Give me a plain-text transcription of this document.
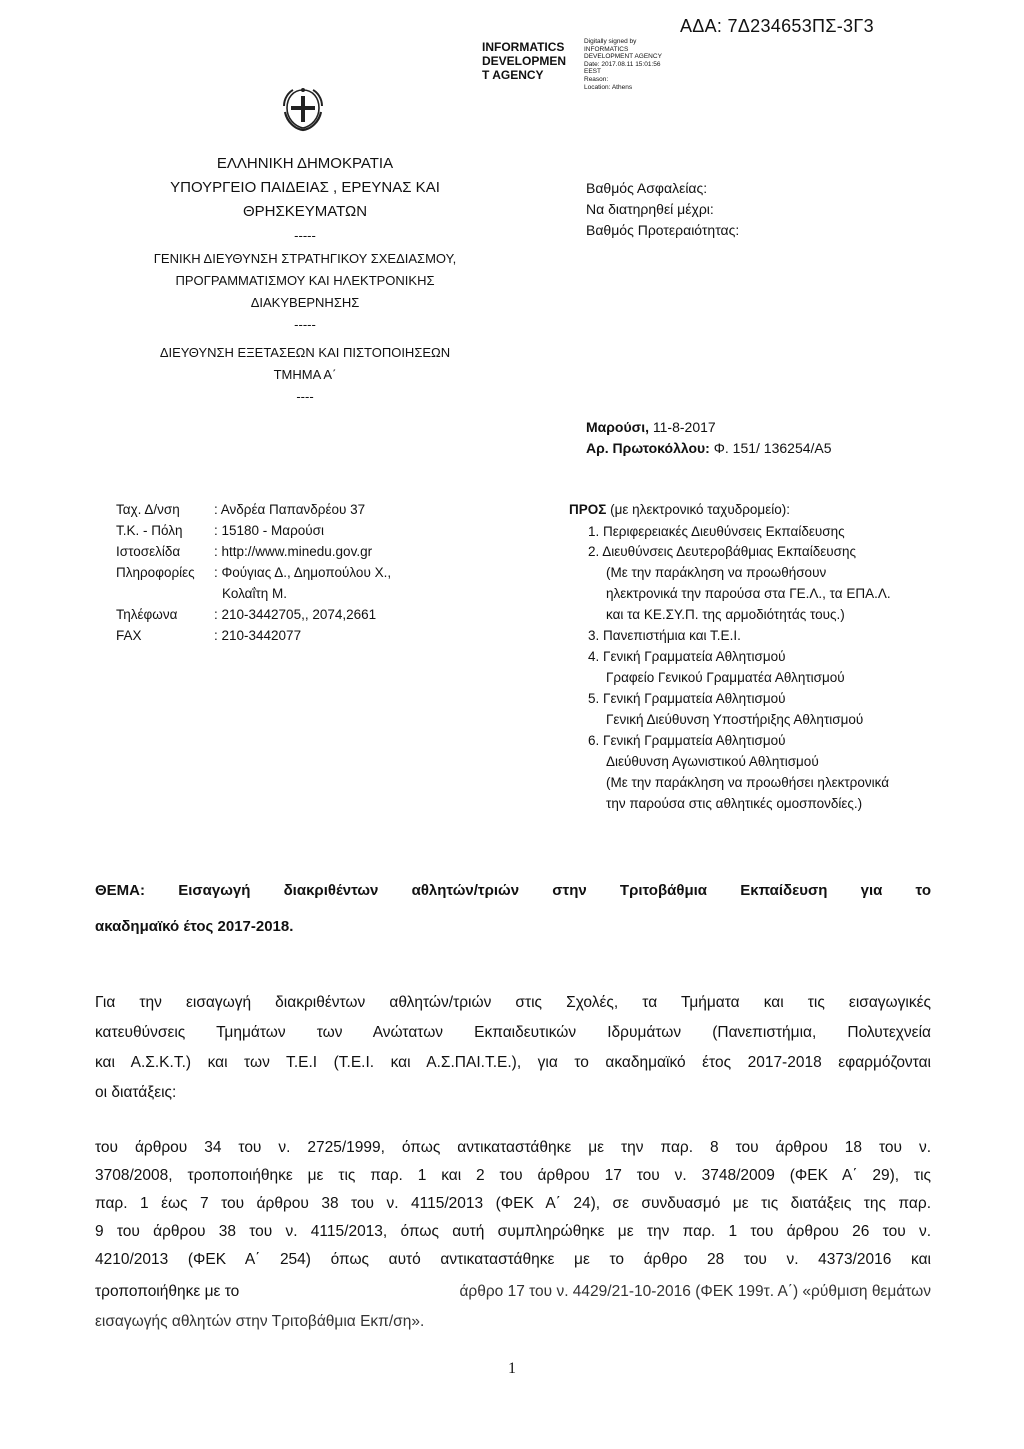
ΑΔΑ: 7Δ234653ΠΣ-3Γ3
INFORMATICS
DEVELOPMEN
T AGENCY
Digitally signed by
INFORMATICS
DEVELOPMENT AGENCY
Date: 2017.08.11 15:01:56
EEST
Reason:
Location: Athens
ΕΛΛΗΝΙΚΗ ΔΗΜΟΚΡΑΤΙΑ
ΥΠΟΥΡΓΕΙΟ ΠΑΙΔΕΙΑΣ , ΕΡΕΥΝΑΣ ΚΑΙ
ΘΡΗΣΚΕΥΜΑΤΩΝ
-----
ΓΕΝΙΚΗ ΔΙΕΥΘΥΝΣΗ ΣΤΡΑΤΗΓΙΚΟΥ ΣΧΕΔΙΑΣΜΟΥ,
ΠΡΟΓΡΑΜΜΑΤΙΣΜΟΥ ΚΑΙ ΗΛΕΚΤΡΟΝΙΚΗΣ
ΔΙΑΚΥΒΕΡΝΗΣΗΣ
-----
ΔΙΕΥΘΥΝΣΗ ΕΞΕΤΑΣΕΩΝ ΚΑΙ ΠΙΣΤΟΠΟΙΗΣΕΩΝ
ΤΜΗΜΑ Α΄
----
Βαθμός Ασφαλείας:
Να διατηρηθεί μέχρι:
Βαθμός Προτεραιότητας:
Μαρούσι, 11-8-2017
Αρ. Πρωτοκόλλου: Φ. 151/ 136254/Α5
Ταχ. Δ/νση	: Ανδρέα Παπανδρέου 37
Τ.Κ. - Πόλη : 15180 - Μαρούσι
Ιστοσελίδα	: http://www.minedu.gov.gr
Πληροφορίες : Φούγιας Δ., Δημοπούλου Χ.,
Κολαΐτη Μ.
Τηλέφωνα	: 210-3442705,, 2074,2661
FAX	: 210-3442077
ΠΡΟΣ (με ηλεκτρονικό ταχυδρομείο):
1. Περιφερειακές Διευθύνσεις Εκπαίδευσης
2. Διευθύνσεις Δευτεροβάθμιας Εκπαίδευσης
(Με την παράκληση να προωθήσουν
ηλεκτρονικά την παρούσα στα ΓΕ.Λ., τα ΕΠΑ.Λ.
και τα ΚΕ.ΣΥ.Π. της αρμοδιότητάς τους.)
3. Πανεπιστήμια και Τ.Ε.Ι.
4. Γενική Γραμματεία Αθλητισμού
Γραφείο Γενικού Γραμματέα Αθλητισμού
5. Γενική Γραμματεία Αθλητισμού
Γενική Διεύθυνση Υποστήριξης Αθλητισμού
6. Γενική Γραμματεία Αθλητισμού
Διεύθυνση Αγωνιστικού Αθλητισμού
(Με την παράκληση να προωθήσει ηλεκτρονικά
την παρούσα στις αθλητικές ομοσπονδίες.)
ΘΕΜΑ: Εισαγωγή διακριθέντων αθλητών/τριών στην Τριτοβάθμια Εκπαίδευση για το
ακαδημαϊκό έτος 2017-2018.
Για την εισαγωγή διακριθέντων αθλητών/τριών στις Σχολές, τα Τμήματα και τις εισαγωγικές
κατευθύνσεις Τμημάτων των Ανώτατων Εκπαιδευτικών Ιδρυμάτων (Πανεπιστήμια, Πολυτεχνεία
και Α.Σ.Κ.Τ.) και των Τ.Ε.Ι (Τ.Ε.Ι. και Α.Σ.ΠΑΙ.Τ.Ε.), για το ακαδημαϊκό έτος 2017-2018 εφαρμόζονται
οι διατάξεις:
του άρθρου 34 του ν. 2725/1999, όπως αντικαταστάθηκε με την παρ. 8 του άρθρου 18 του ν.
3708/2008, τροποποιήθηκε με τις παρ. 1 και 2 του άρθρου 17 του ν. 3748/2009 (ΦΕΚ Α΄ 29), τις
παρ. 1 έως 7 του άρθρου 38 του ν. 4115/2013 (ΦΕΚ Α΄ 24), σε συνδυασμό με τις διατάξεις της παρ.
9 του άρθρου 38 του ν. 4115/2013, όπως αυτή συμπληρώθηκε με την παρ. 1 του άρθρου 26 του ν.
4210/2013 (ΦΕΚ Α΄ 254) όπως αυτό αντικαταστάθηκε με το άρθρο 28 του ν. 4373/2016 και
τροποποιήθηκε με το	άρθρο 17 του ν. 4429/21-10-2016 (ΦΕΚ 199τ. Α΄) «ρύθμιση θεμάτων
εισαγωγής αθλητών στην Τριτοβάθμια Εκπ/ση».
1
